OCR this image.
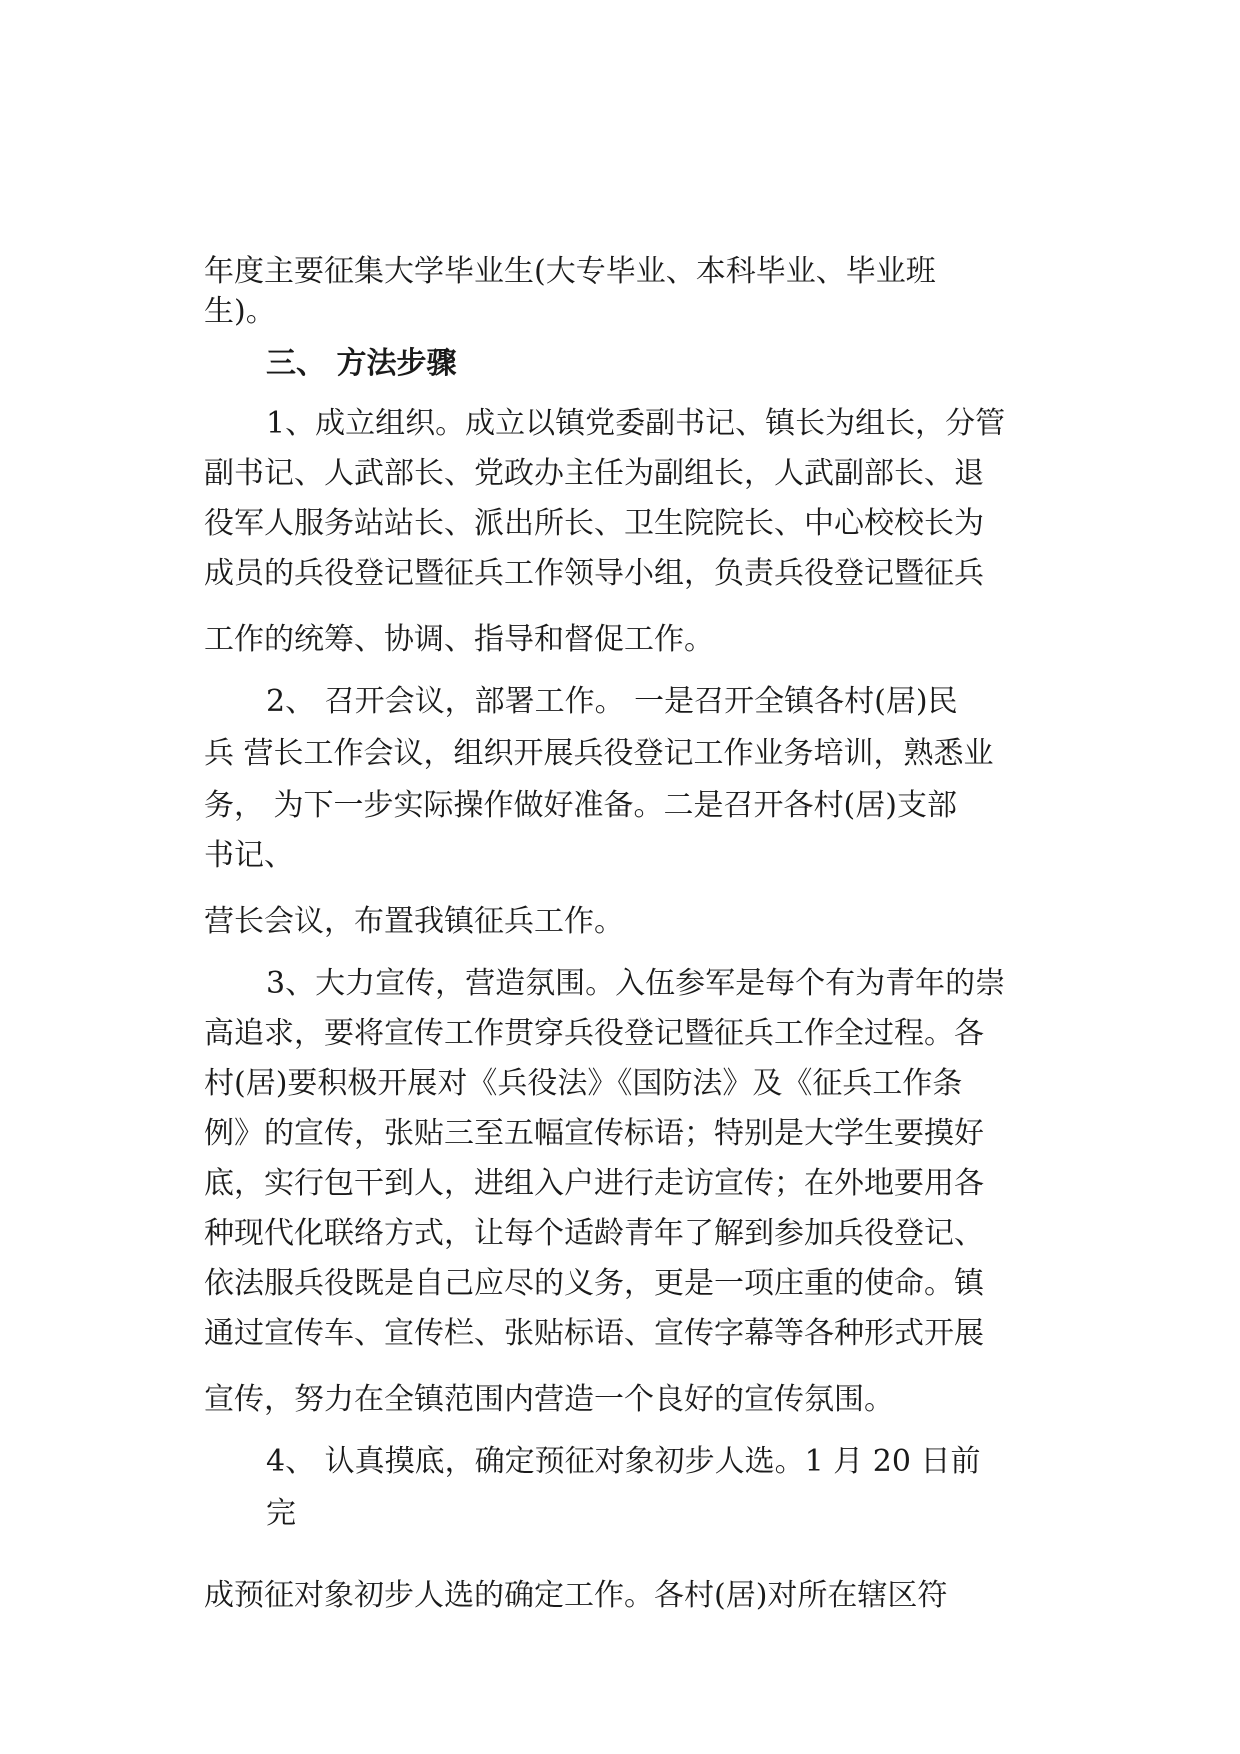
年度主要征集大学毕业生(大专毕业、本科毕业、毕业班

生)。

三、 方法步骤

1、成立组织。成立以镇党委副书记、镇长为组长，分管

副书记、人武部长、党政办主任为副组长，人武副部长、退

役军人服务站站长、派出所长、卫生院院长、中心校校长为

成员的兵役登记暨征兵工作领导小组，负责兵役登记暨征兵

工作的统筹、协调、指导和督促工作。

2、 召开会议，部署工作。 一是召开全镇各村(居)民

兵 营长工作会议，组织开展兵役登记工作业务培训，熟悉业

务， 为下一步实际操作做好准备。二是召开各村(居)支部

书记、

营长会议，布置我镇征兵工作。

3、大力宣传，营造氛围。入伍参军是每个有为青年的崇

高追求，要将宣传工作贯穿兵役登记暨征兵工作全过程。各

村(居)要积极开展对《兵役法》《国防法》及《征兵工作条

例》的宣传，张贴三至五幅宣传标语；特别是大学生要摸好

底，实行包干到人，进组入户进行走访宣传；在外地要用各

种现代化联络方式，让每个适龄青年了解到参加兵役登记、

依法服兵役既是自己应尽的义务，更是一项庄重的使命。镇

通过宣传车、宣传栏、张贴标语、宣传字幕等各种形式开展

宣传，努力在全镇范围内营造一个良好的宣传氛围。

4、 认真摸底，确定预征对象初步人选。1 月 20 日前

完

成预征对象初步人选的确定工作。各村(居)对所在辖区符
